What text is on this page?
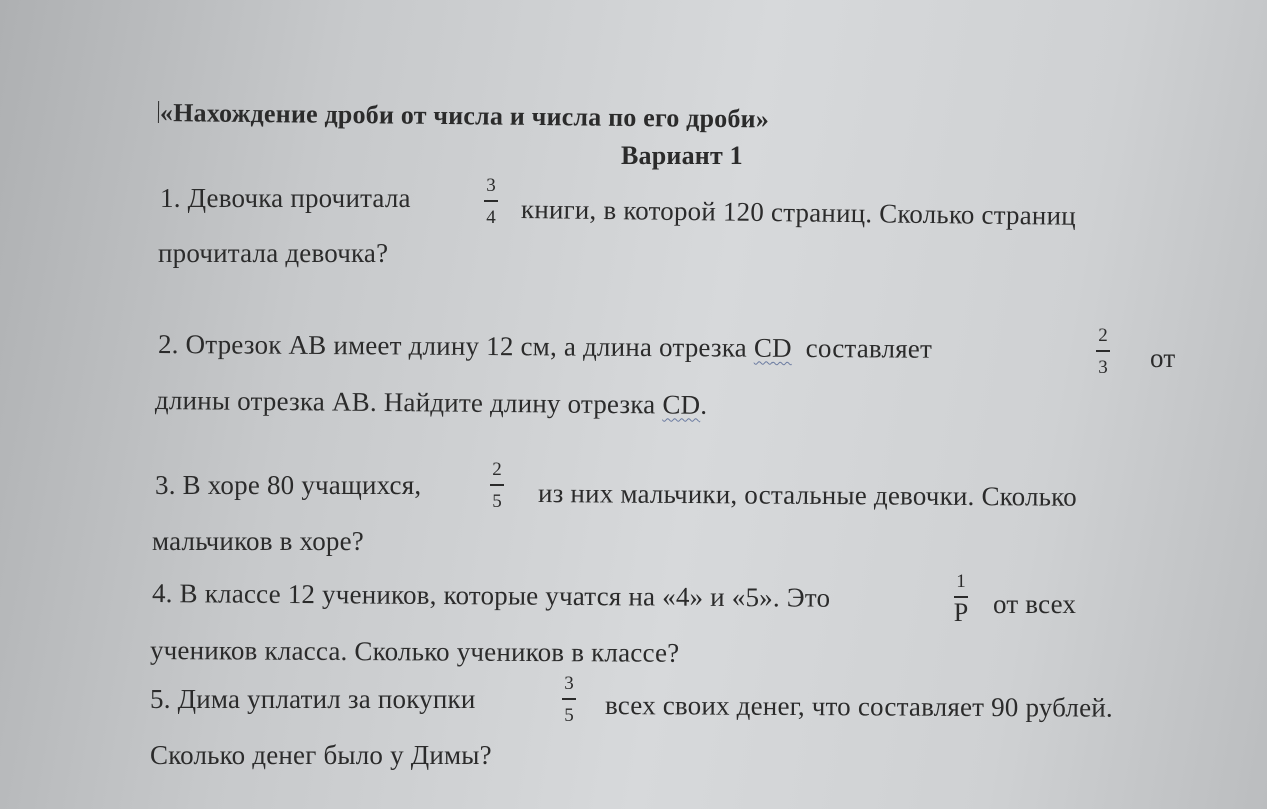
«Нахождение дроби от числа и числа по его дроби»
Вариант 1
1. Девочка прочитала	3
4 книги, в которой 120 страниц. Сколько страниц
прочитала девочка?
2. Отрезок АВ имеет длину 12 см, а длина отрезка CD составляет	2
3 от
длины отрезка АВ. Найдите длину отрезка CD.
3. В хоре 80 учащихся,
2
5 из них мальчики, остальные девочки. Сколько
мальчиков в хоре?
4. В классе 12 учеников, которые учатся на «4» и «5». Это	1
P от всех
учеников класса. Сколько учеников в классе?
5. Дима уплатил за покупки
3
5 всех своих денег, что составляет 90 рублей.
Сколько денег было у Димы?
